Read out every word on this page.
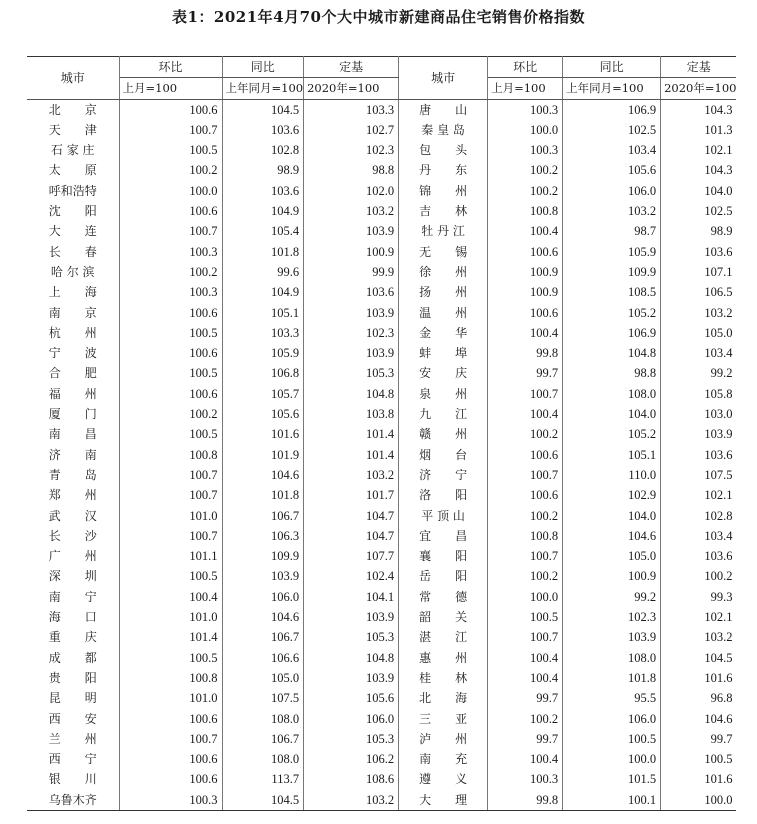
表1：2021年4月70个大中城市新建商品住宅销售价格指数
城市	环比	同比	定基	城市	环比	同比	定基
	上月=100	上年同月=100	2020年=100		上月=100	上年同月=100	2020年=100
北　　京	100.6	104.5	103.3	唐　　山	100.3	106.9	104.3
天　　津	100.7	103.6	102.7	秦 皇 岛	100.0	102.5	101.3
石 家 庄	100.5	102.8	102.3	包　　头	100.3	103.4	102.1
太　　原	100.2	98.9	98.8	丹　　东	100.2	105.6	104.3
呼和浩特	100.0	103.6	102.0	锦　　州	100.2	106.0	104.0
沈　　阳	100.6	104.9	103.2	吉　　林	100.8	103.2	102.5
大　　连	100.7	105.4	103.9	牡 丹 江	100.4	98.7	98.9
长　　春	100.3	101.8	100.9	无　　锡	100.6	105.9	103.6
哈 尔 滨	100.2	99.6	99.9	徐　　州	100.9	109.9	107.1
上　　海	100.3	104.9	103.6	扬　　州	100.9	108.5	106.5
南　　京	100.6	105.1	103.9	温　　州	100.6	105.2	103.2
杭　　州	100.5	103.3	102.3	金　　华	100.4	106.9	105.0
宁　　波	100.6	105.9	103.9	蚌　　埠	99.8	104.8	103.4
合　　肥	100.5	106.8	105.3	安　　庆	99.7	98.8	99.2
福　　州	100.6	105.7	104.8	泉　　州	100.7	108.0	105.8
厦　　门	100.2	105.6	103.8	九　　江	100.4	104.0	103.0
南　　昌	100.5	101.6	101.4	赣　　州	100.2	105.2	103.9
济　　南	100.8	101.9	101.4	烟　　台	100.6	105.1	103.6
青　　岛	100.7	104.6	103.2	济　　宁	100.7	110.0	107.5
郑　　州	100.7	101.8	101.7	洛　　阳	100.6	102.9	102.1
武　　汉	101.0	106.7	104.7	平 顶 山	100.2	104.0	102.8
长　　沙	100.7	106.3	104.7	宜　　昌	100.8	104.6	103.4
广　　州	101.1	109.9	107.7	襄　　阳	100.7	105.0	103.6
深　　圳	100.5	103.9	102.4	岳　　阳	100.2	100.9	100.2
南　　宁	100.4	106.0	104.1	常　　德	100.0	99.2	99.3
海　　口	101.0	104.6	103.9	韶　　关	100.5	102.3	102.1
重　　庆	101.4	106.7	105.3	湛　　江	100.7	103.9	103.2
成　　都	100.5	106.6	104.8	惠　　州	100.4	108.0	104.5
贵　　阳	100.8	105.0	103.9	桂　　林	100.4	101.8	101.6
昆　　明	101.0	107.5	105.6	北　　海	99.7	95.5	96.8
西　　安	100.6	108.0	106.0	三　　亚	100.2	106.0	104.6
兰　　州	100.7	106.7	105.3	泸　　州	99.7	100.5	99.7
西　　宁	100.6	108.0	106.2	南　　充	100.4	100.0	100.5
银　　川	100.6	113.7	108.6	遵　　义	100.3	101.5	101.6
乌鲁木齐	100.3	104.5	103.2	大　　理	99.8	100.1	100.0
